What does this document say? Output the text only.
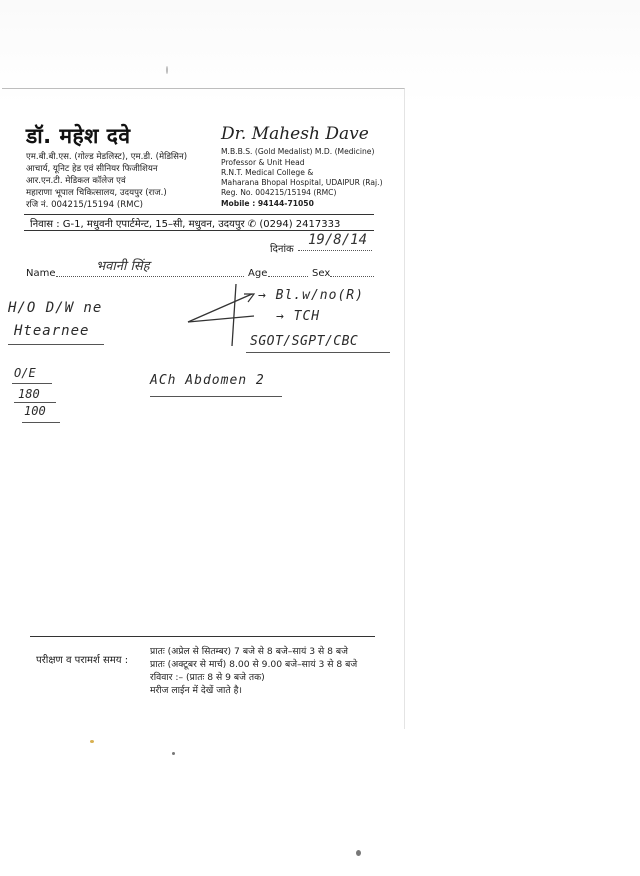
डॉ. महेश दवे
एम.बी.बी.एस. (गोल्ड मेडलिस्ट), एम.डी. (मेडिसिन)
आचार्य, यूनिट हेड एवं सीनियर फिजीशियन
आर.एन.टी. मेडिकल कॉलेज एवं
महाराणा भूपाल चिकित्सालय, उदयपुर (राज.)
रजि नं. 004215/15194 (RMC)
Dr. Mahesh Dave
M.B.B.S. (Gold Medalist) M.D. (Medicine)
Professor & Unit Head
R.N.T. Medical College &
Maharana Bhopal Hospital, UDAIPUR (Raj.)
Reg. No. 004215/15194 (RMC)
Mobile : 94144-71050
निवास : G-1, मधुवनी एपार्टमेन्ट, 15–सी, मधुवन, उदयपुर ✆ (0294) 2417333
दिनांक
19/8/14
Name	भवानी सिंह	Age	Sex
H/O D/W ne
Htearnee
→ Bl.w/no(R)
→ TCH
SGOT/SGPT/CBC
O/E
180
100
ACh Abdomen 2
परीक्षण व परामर्श समय :
प्रातः (अप्रेल से सितम्बर) 7 बजे से 8 बजे–सायं 3 से 8 बजे
प्रातः (अक्टूबर से मार्च) 8.00 से 9.00 बजे–सायं 3 से 8 बजे
रविवार :– (प्रातः 8 से 9 बजे तक)
मरीज लाईन में देखें जाते है।
